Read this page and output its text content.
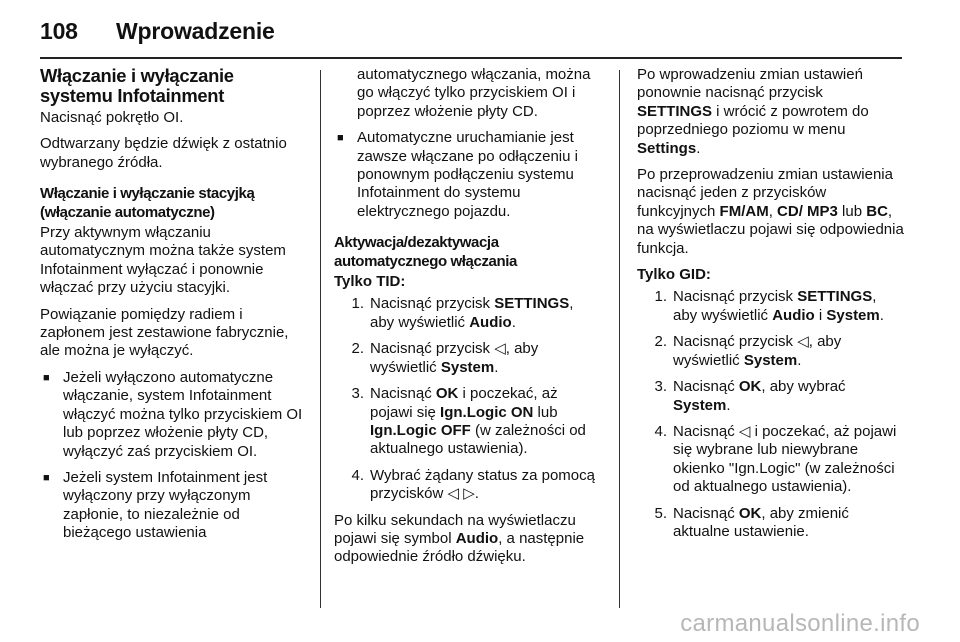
108 Wprowadzenie
Włączanie i wyłączanie systemu Infotainment

Nacisnąć pokrętło OI.

Odtwarzany będzie dźwięk z ostatnio wybranego źródła.

Włączanie i wyłączanie stacyjką (włączanie automatyczne)

Przy aktywnym włączaniu automatycznym można także system Infotainment wyłączać i ponownie włączać przy użyciu stacyjki.

Powiązanie pomiędzy radiem i zapłonem jest zestawione fabrycznie, ale można je wyłączyć.

■ Jeżeli wyłączono automatyczne włączanie, system Infotainment włączyć można tylko przyciskiem OI lub poprzez włożenie płyty CD, wyłączyć zaś przyciskiem OI.
■ Jeżeli system Infotainment jest wyłączony przy wyłączonym zapłonie, to niezależnie od bieżącego ustawienia
automatycznego włączania, można go włączyć tylko przyciskiem OI i poprzez włożenie płyty CD.
■ Automatyczne uruchamianie jest zawsze włączane po odłączeniu i ponownym podłączeniu systemu Infotainment do systemu elektrycznego pojazdu.
Aktywacja/dezaktywacja automatycznego włączania
Tylko TID:
1. Nacisnąć przycisk SETTINGS,
aby wyświetlić Audio.
2. Nacisnąć przycisk ◁, aby
wyświetlić System.
3. Nacisnąć OK i poczekać, aż
pojawi się Ign.Logic ON lub
Ign.Logic OFF (w zależności od
aktualnego ustawienia).
4. Wybrać żądany status za pomocą
przycisków ◁ ▷.

Po kilku sekundach na wyświetlaczu pojawi się symbol Audio, a następnie odpowiednie źródło dźwięku.

Po wprowadzeniu zmian ustawień ponownie nacisnąć przycisk
SETTINGS i wrócić z powrotem do poprzedniego poziomu w menu Settings.

Po przeprowadzeniu zmian ustawienia nacisnąć jeden z przycisków funkcyjnych FM/AM, CD/ MP3 lub BC, na wyświetlaczu pojawi się odpowiednia funkcja.

Tylko GID:
1. Nacisnąć przycisk SETTINGS,
aby wyświetlić Audio i System.
2. Nacisnąć przycisk ◁, aby
wyświetlić System.
3. Nacisnąć OK, aby wybrać
System.
4. Nacisnąć ◁ i poczekać, aż pojawi się wybrane lub niewybrane okienko "Ign.Logic" (w zależności od aktualnego ustawienia).
5. Nacisnąć OK, aby zmienić
aktualne ustawienie.
carmanualsonline.info
